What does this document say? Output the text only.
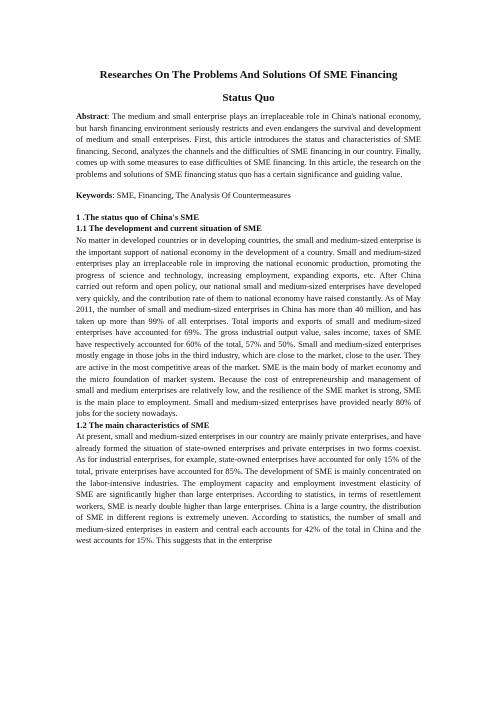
Researches On The Problems And Solutions Of SME Financing
Status Quo

Abstract: The medium and small enterprise plays an irreplaceable role in China's national economy, but harsh financing environment seriously restricts and even endangers the survival and development of medium and small enterprises. First, this article introduces the status and characteristics of SME financing. Second, analyzes the channels and the difficulties of SME financing in our country. Finally, comes up with some measures to ease difficulties of SME financing. In this article, the research on the problems and solutions of SME financing status quo has a certain significance and guiding value.

Keywords: SME, Financing, The Analysis Of Countermeasures

1 .The status quo of China's SME
1.1 The development and current situation of SME

No matter in developed countries or in developing countries, the small and medium-sized enterprise is the important support of national economy in the development of a country. Small and medium-sized enterprises play an irreplaceable role in improving the national economic production, promoting the progress of science and technology, increasing employment, expanding exports, etc. After China carried out reform and open policy, our national small and medium-sized enterprises have developed very quickly, and the contribution rate of them to national economy have raised constantly. As of May 2011, the number of small and medium-sized enterprises in China has more than 40 million, and has taken up more than 99% of all enterprises. Total imports and exports of small and medium-sized enterprises have accounted for 69%. The gross industrial output value, sales income, taxes of SME have respectively accounted for 60% of the total, 57% and 50%. Small and medium-sized enterprises mostly engage in those jobs in the third industry, which are close to the market, close to the user. They are active in the most competitive areas of the market. SME is the main body of market economy and the micro foundation of market system. Because the cost of entrepreneurship and management of small and medium enterprises are relatively low, and the resilience of the SME market is strong, SME is the main place to employment. Small and medium-sized enterprises have provided nearly 80% of jobs for the society nowadays.

1.2 The main characteristics of SME

At present, small and medium-sized enterprises in our country are mainly private enterprises, and have already formed the situation of state-owned enterprises and private enterprises in two forms coexist. As for industrial enterprises, for example, state-owned enterprises have accounted for only 15% of the total, private enterprises have accounted for 85%. The development of SME is mainly concentrated on the labor-intensive industries. The employment capacity and employment investment elasticity of SME are significantly higher than large enterprises. According to statistics, in terms of resettlement workers, SME is nearly double higher than large enterprises. China is a large country, the distribution of SME in different regions is extremely uneven. According to statistics, the number of small and medium-sized enterprises in eastern and central each accounts for 42% of the total in China and the west accounts for 15%. This suggests that in the enterprise
